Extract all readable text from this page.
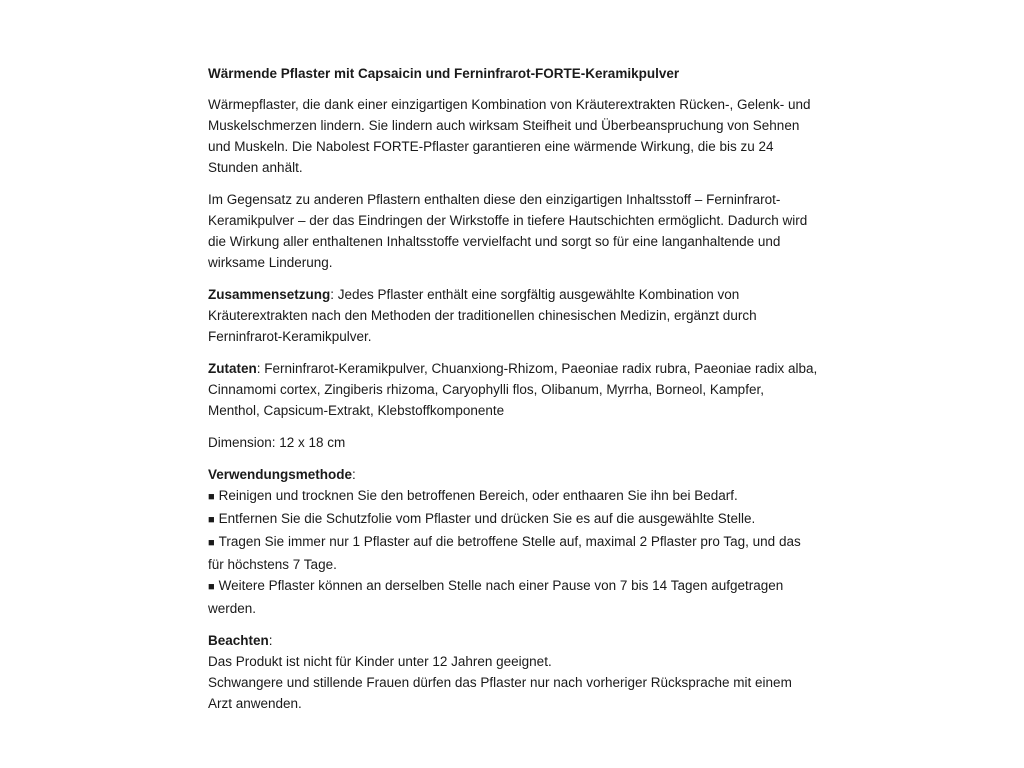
Wärmende Pflaster mit Capsaicin und Ferninfrarot-FORTE-Keramikpulver

Wärmepflaster, die dank einer einzigartigen Kombination von Kräuterextrakten Rücken-, Gelenk- und Muskelschmerzen lindern. Sie lindern auch wirksam Steifheit und Überbeanspruchung von Sehnen und Muskeln. Die Nabolest FORTE-Pflaster garantieren eine wärmende Wirkung, die bis zu 24 Stunden anhält.

Im Gegensatz zu anderen Pflastern enthalten diese den einzigartigen Inhaltsstoff – Ferninfrarot-Keramikpulver – der das Eindringen der Wirkstoffe in tiefere Hautschichten ermöglicht. Dadurch wird die Wirkung aller enthaltenen Inhaltsstoffe vervielfacht und sorgt so für eine langanhaltende und wirksame Linderung.

Zusammensetzung: Jedes Pflaster enthält eine sorgfältig ausgewählte Kombination von Kräuterextrakten nach den Methoden der traditionellen chinesischen Medizin, ergänzt durch Ferninfrarot-Keramikpulver.

Zutaten: Ferninfrarot-Keramikpulver, Chuanxiong-Rhizom, Paeoniae radix rubra, Paeoniae radix alba, Cinnamomi cortex, Zingiberis rhizoma, Caryophylli flos, Olibanum, Myrrha, Borneol, Kampfer, Menthol, Capsicum-Extrakt, Klebstoffkomponente

Dimension: 12 x 18 cm

Verwendungsmethode:
■ Reinigen und trocknen Sie den betroffenen Bereich, oder enthaaren Sie ihn bei Bedarf.
■ Entfernen Sie die Schutzfolie vom Pflaster und drücken Sie es auf die ausgewählte Stelle.
■ Tragen Sie immer nur 1 Pflaster auf die betroffene Stelle auf, maximal 2 Pflaster pro Tag, und das für höchstens 7 Tage.
■ Weitere Pflaster können an derselben Stelle nach einer Pause von 7 bis 14 Tagen aufgetragen werden.
Beachten:
Das Produkt ist nicht für Kinder unter 12 Jahren geeignet.
Schwangere und stillende Frauen dürfen das Pflaster nur nach vorheriger Rücksprache mit einem Arzt anwenden.
